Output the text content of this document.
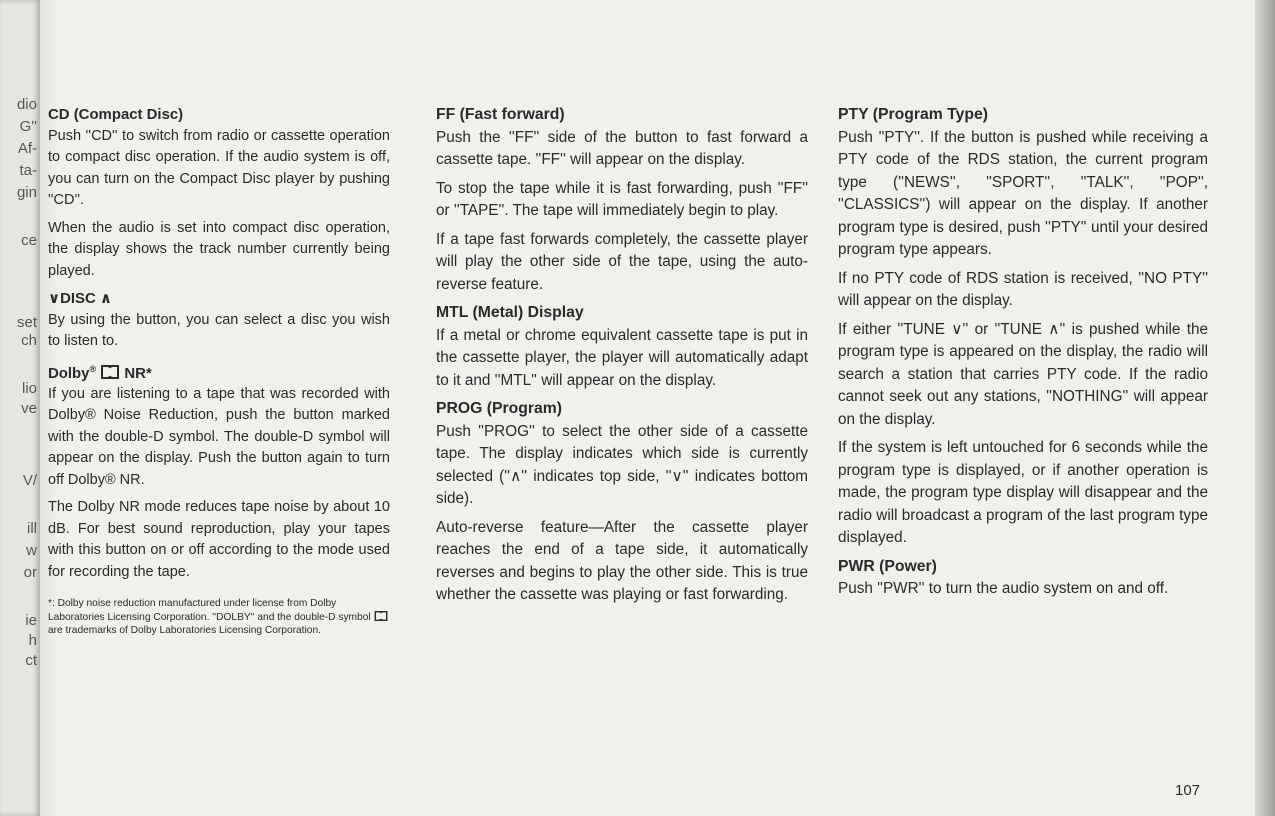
dio
G''
Af-
ta-
gin
ce
set
ch
lio
ve
V/
ill
w
or
ie
h
ct
CD (Compact Disc)

Push ''CD'' to switch from radio or cassette operation to compact disc operation. If the audio system is off, you can turn on the Compact Disc player by pushing ''CD''.

When the audio is set into compact disc operation, the display shows the track number currently being played.

∨DISC ∧

By using the button, you can select a disc you wish to listen to.

Dolby®  NR*

If you are listening to a tape that was recorded with Dolby® Noise Reduction, push the button marked with the double-D symbol. The double-D symbol will appear on the display. Push the button again to turn off Dolby® NR.

The Dolby NR mode reduces tape noise by about 10 dB. For best sound reproduction, play your tapes with this button on or off according to the mode used for recording the tape.

*: Dolby noise reduction manufactured under license from Dolby Laboratories Licensing Corporation. ''DOLBY'' and the double-D symbol  are trademarks of Dolby Laboratories Licensing Corporation.

FF (Fast forward)

Push the ''FF'' side of the button to fast forward a cassette tape. ''FF'' will appear on the display.

To stop the tape while it is fast forwarding, push ''FF'' or ''TAPE''. The tape will immediately begin to play.

If a tape fast forwards completely, the cassette player will play the other side of the tape, using the auto-reverse feature.

MTL (Metal) Display

If a metal or chrome equivalent cassette tape is put in the cassette player, the player will automatically adapt to it and ''MTL'' will appear on the display.

PROG (Program)

Push ''PROG'' to select the other side of a cassette tape. The display indicates which side is currently selected (''∧'' indicates top side, ''∨'' indicates bottom side).

Auto-reverse feature—After the cassette player reaches the end of a tape side, it automatically reverses and begins to play the other side. This is true whether the cassette was playing or fast forwarding.

PTY (Program Type)

Push ''PTY''. If the button is pushed while receiving a PTY code of the RDS station, the current program type (''NEWS'', ''SPORT'', ''TALK'', ''POP'', ''CLASSICS'') will appear on the display. If another program type is desired, push ''PTY'' until your desired program type appears.

If no PTY code of RDS station is received, ''NO PTY'' will appear on the display.

If either ''TUNE ∨'' or ''TUNE ∧'' is pushed while the program type is appeared on the display, the radio will search a station that carries PTY code. If the radio cannot seek out any stations, ''NOTHING'' will appear on the display.

If the system is left untouched for 6 seconds while the program type is displayed, or if another operation is made, the program type display will disappear and the radio will broadcast a program of the last program type displayed.

PWR (Power)

Push ''PWR'' to turn the audio system on and off.

107
